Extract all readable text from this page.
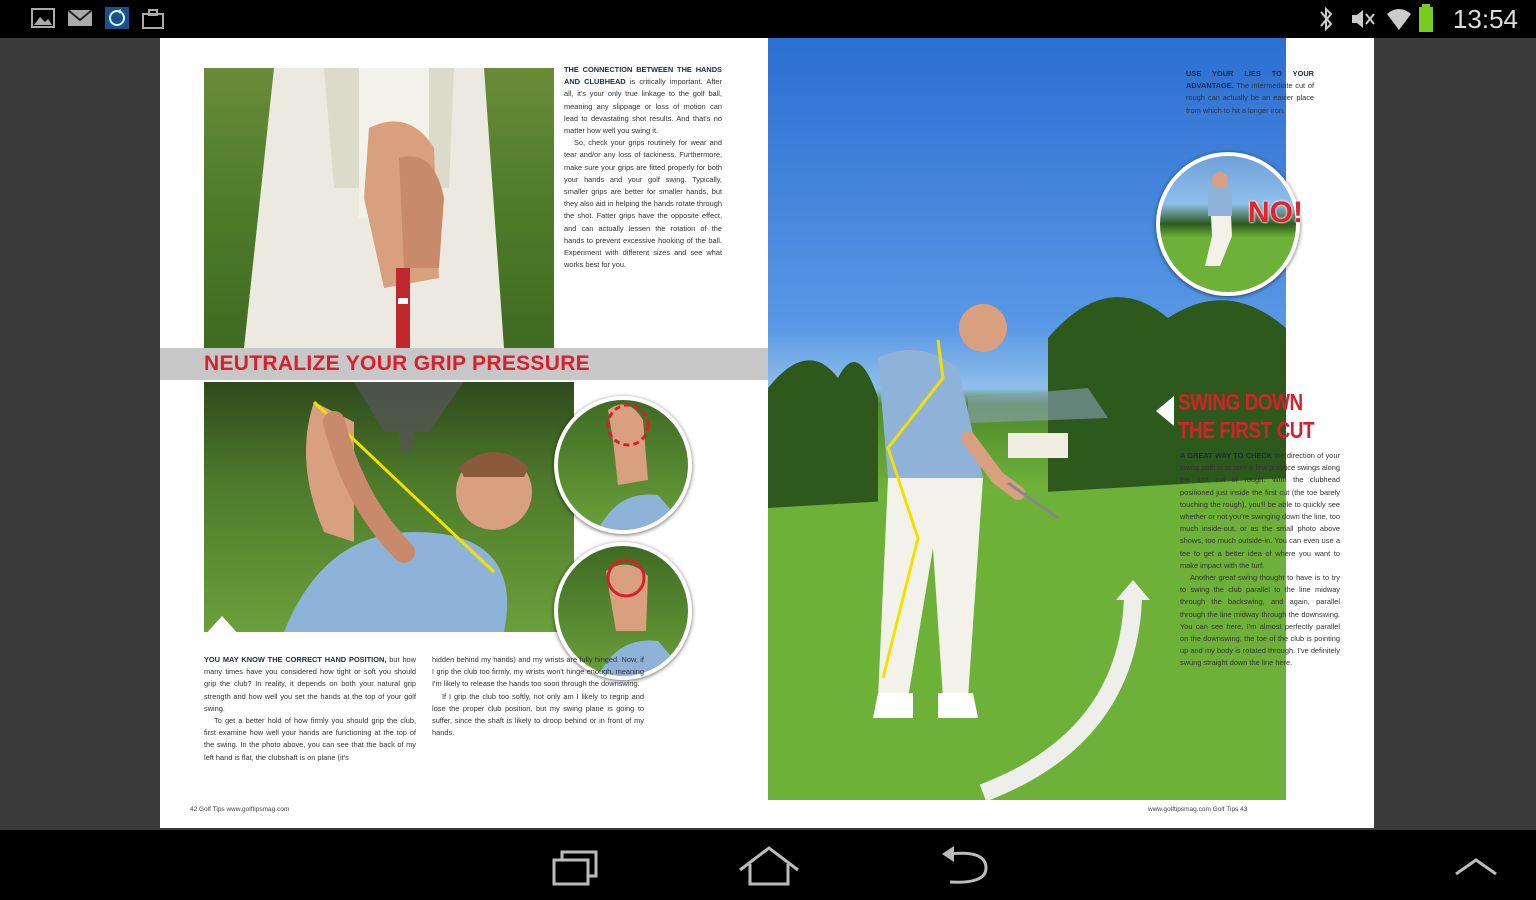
13:54
THE CONNECTION BETWEEN THE HANDS AND CLUBHEAD is critically important. After all, it's your only true linkage to the golf ball, meaning any slippage or loss of motion can lead to devastating shot results. And that's no matter how well you swing it.
So, check your grips routinely for wear and tear and/or any loss of tackiness. Furthermore, make sure your grips are fitted properly for both your hands and your golf swing. Typically, smaller grips are better for smaller hands, but they also aid in helping the hands rotate through the shot. Fatter grips have the opposite effect, and can actually lessen the rotation of the hands to prevent excessive hooking of the ball. Experiment with different sizes and see what works best for you.
NEUTRALIZE YOUR GRIP PRESSURE
YOU MAY KNOW THE CORRECT HAND POSITION, but how many times have you considered how tight or soft you should grip the club? In reality, it depends on both your natural grip strength and how well you set the hands at the top of your golf swing.
To get a better hold of how firmly you should grip the club, first examine how well your hands are functioning at the top of the swing. In the photo above, you can see that the back of my left hand is flat, the clubshaft is on plane (it's
hidden behind my hands) and my wrists are fully hinged. Now, if I grip the club too firmly, my wrists won't hinge enough, meaning I'm likely to release the hands too soon through the downswing.
If I grip the club too softly, not only am I likely to regrip and lose the proper club position, but my swing plane is going to suffer, since the shaft is likely to droop behind or in front of my hands.
42 Golf Tips www.golftipsmag.com
USE YOUR LIES TO YOUR ADVANTAGE. The intermediate cut of rough can actually be an easier place from which to hit a longer iron.
NO!
SWING DOWN
THE FIRST CUT
A GREAT WAY TO CHECK the direction of your swing path is to take a few practice swings along the first cut of rough. With the clubhead positioned just inside the first cut (the toe barely touching the rough), you'll be able to quickly see whether or not you're swinging down the line, too much inside-out, or as the small photo above shows, too much outside-in. You can even use a tee to get a better idea of where you want to make impact with the turf.
Another great swing thought to have is to try to swing the club parallel to the line midway through the backswing, and again, parallel through the line midway through the downswing. You can see here, I'm almost perfectly parallel on the downswing, the toe of the club is pointing up and my body is rotated through. I've definitely swung straight down the line here.
www.golftipsmag.com Golf Tips 43
